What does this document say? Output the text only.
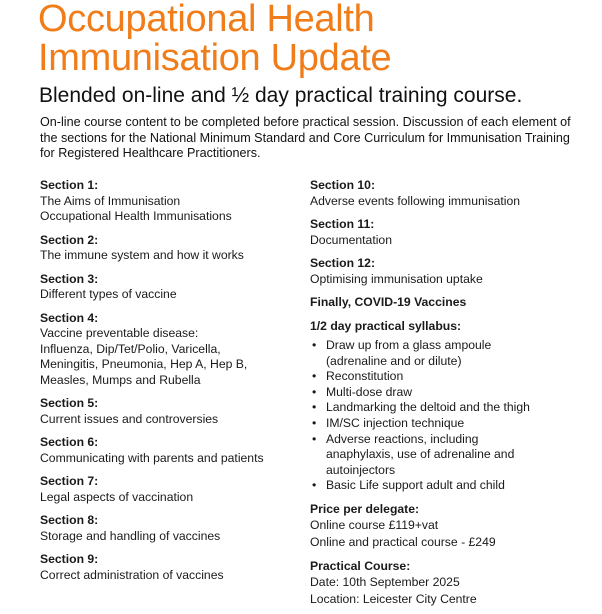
Occupational Health
Immunisation Update

Blended on-line and ½ day practical training course.

On-line course content to be completed before practical session. Discussion of each element of the sections for the National Minimum Standard and Core Curriculum for Immunisation Training for Registered Healthcare Practitioners.

Section 1:
The Aims of Immunisation
Occupational Health Immunisations
Section 2:
The immune system and how it works
Section 3:
Different types of vaccine
Section 4:
Vaccine preventable disease:
Influenza, Dip/Tet/Polio, Varicella,
Meningitis, Pneumonia, Hep A, Hep B,
Measles, Mumps and Rubella
Section 5:
Current issues and controversies
Section 6:
Communicating with parents and patients
Section 7:
Legal aspects of vaccination
Section 8:
Storage and handling of vaccines
Section 9:
Correct administration of vaccines
Section 10:
Adverse events following immunisation
Section 11:
Documentation
Section 12:
Optimising immunisation uptake
Finally, COVID-19 Vaccines
1/2 day practical syllabus:
• Draw up from a glass ampoule
(adrenaline and or dilute)
• Reconstitution
• Multi-dose draw
• Landmarking the deltoid and the thigh
• IM/SC injection technique
• Adverse reactions, including
anaphylaxis, use of adrenaline and
autoinjectors
• Basic Life support adult and child
Price per delegate:
Online course £119+vat
Online and practical course - £249
Practical Course:
Date: 10th September 2025
Location: Leicester City Centre
